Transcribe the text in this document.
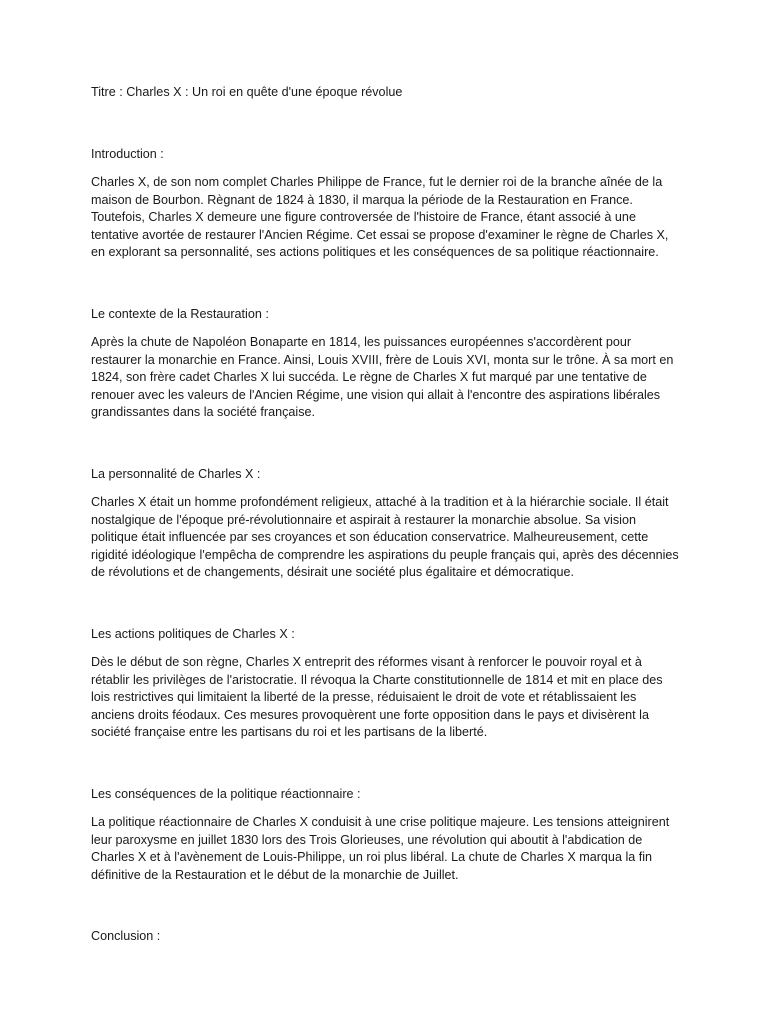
Titre : Charles X : Un roi en quête d'une époque révolue

Introduction :

Charles X, de son nom complet Charles Philippe de France, fut le dernier roi de la branche aînée de la maison de Bourbon. Règnant de 1824 à 1830, il marqua la période de la Restauration en France. Toutefois, Charles X demeure une figure controversée de l'histoire de France, étant associé à une tentative avortée de restaurer l'Ancien Régime. Cet essai se propose d'examiner le règne de Charles X, en explorant sa personnalité, ses actions politiques et les conséquences de sa politique réactionnaire.

Le contexte de la Restauration :

Après la chute de Napoléon Bonaparte en 1814, les puissances européennes s'accordèrent pour restaurer la monarchie en France. Ainsi, Louis XVIII, frère de Louis XVI, monta sur le trône. À sa mort en 1824, son frère cadet Charles X lui succéda. Le règne de Charles X fut marqué par une tentative de renouer avec les valeurs de l'Ancien Régime, une vision qui allait à l'encontre des aspirations libérales grandissantes dans la société française.

La personnalité de Charles X :

Charles X était un homme profondément religieux, attaché à la tradition et à la hiérarchie sociale. Il était nostalgique de l'époque pré-révolutionnaire et aspirait à restaurer la monarchie absolue. Sa vision politique était influencée par ses croyances et son éducation conservatrice. Malheureusement, cette rigidité idéologique l'empêcha de comprendre les aspirations du peuple français qui, après des décennies de révolutions et de changements, désirait une société plus égalitaire et démocratique.

Les actions politiques de Charles X :

Dès le début de son règne, Charles X entreprit des réformes visant à renforcer le pouvoir royal et à rétablir les privilèges de l'aristocratie. Il révoqua la Charte constitutionnelle de 1814 et mit en place des lois restrictives qui limitaient la liberté de la presse, réduisaient le droit de vote et rétablissaient les anciens droits féodaux. Ces mesures provoquèrent une forte opposition dans le pays et divisèrent la société française entre les partisans du roi et les partisans de la liberté.

Les conséquences de la politique réactionnaire :

La politique réactionnaire de Charles X conduisit à une crise politique majeure. Les tensions atteignirent leur paroxysme en juillet 1830 lors des Trois Glorieuses, une révolution qui aboutit à l'abdication de Charles X et à l'avènement de Louis-Philippe, un roi plus libéral. La chute de Charles X marqua la fin définitive de la Restauration et le début de la monarchie de Juillet.

Conclusion :
